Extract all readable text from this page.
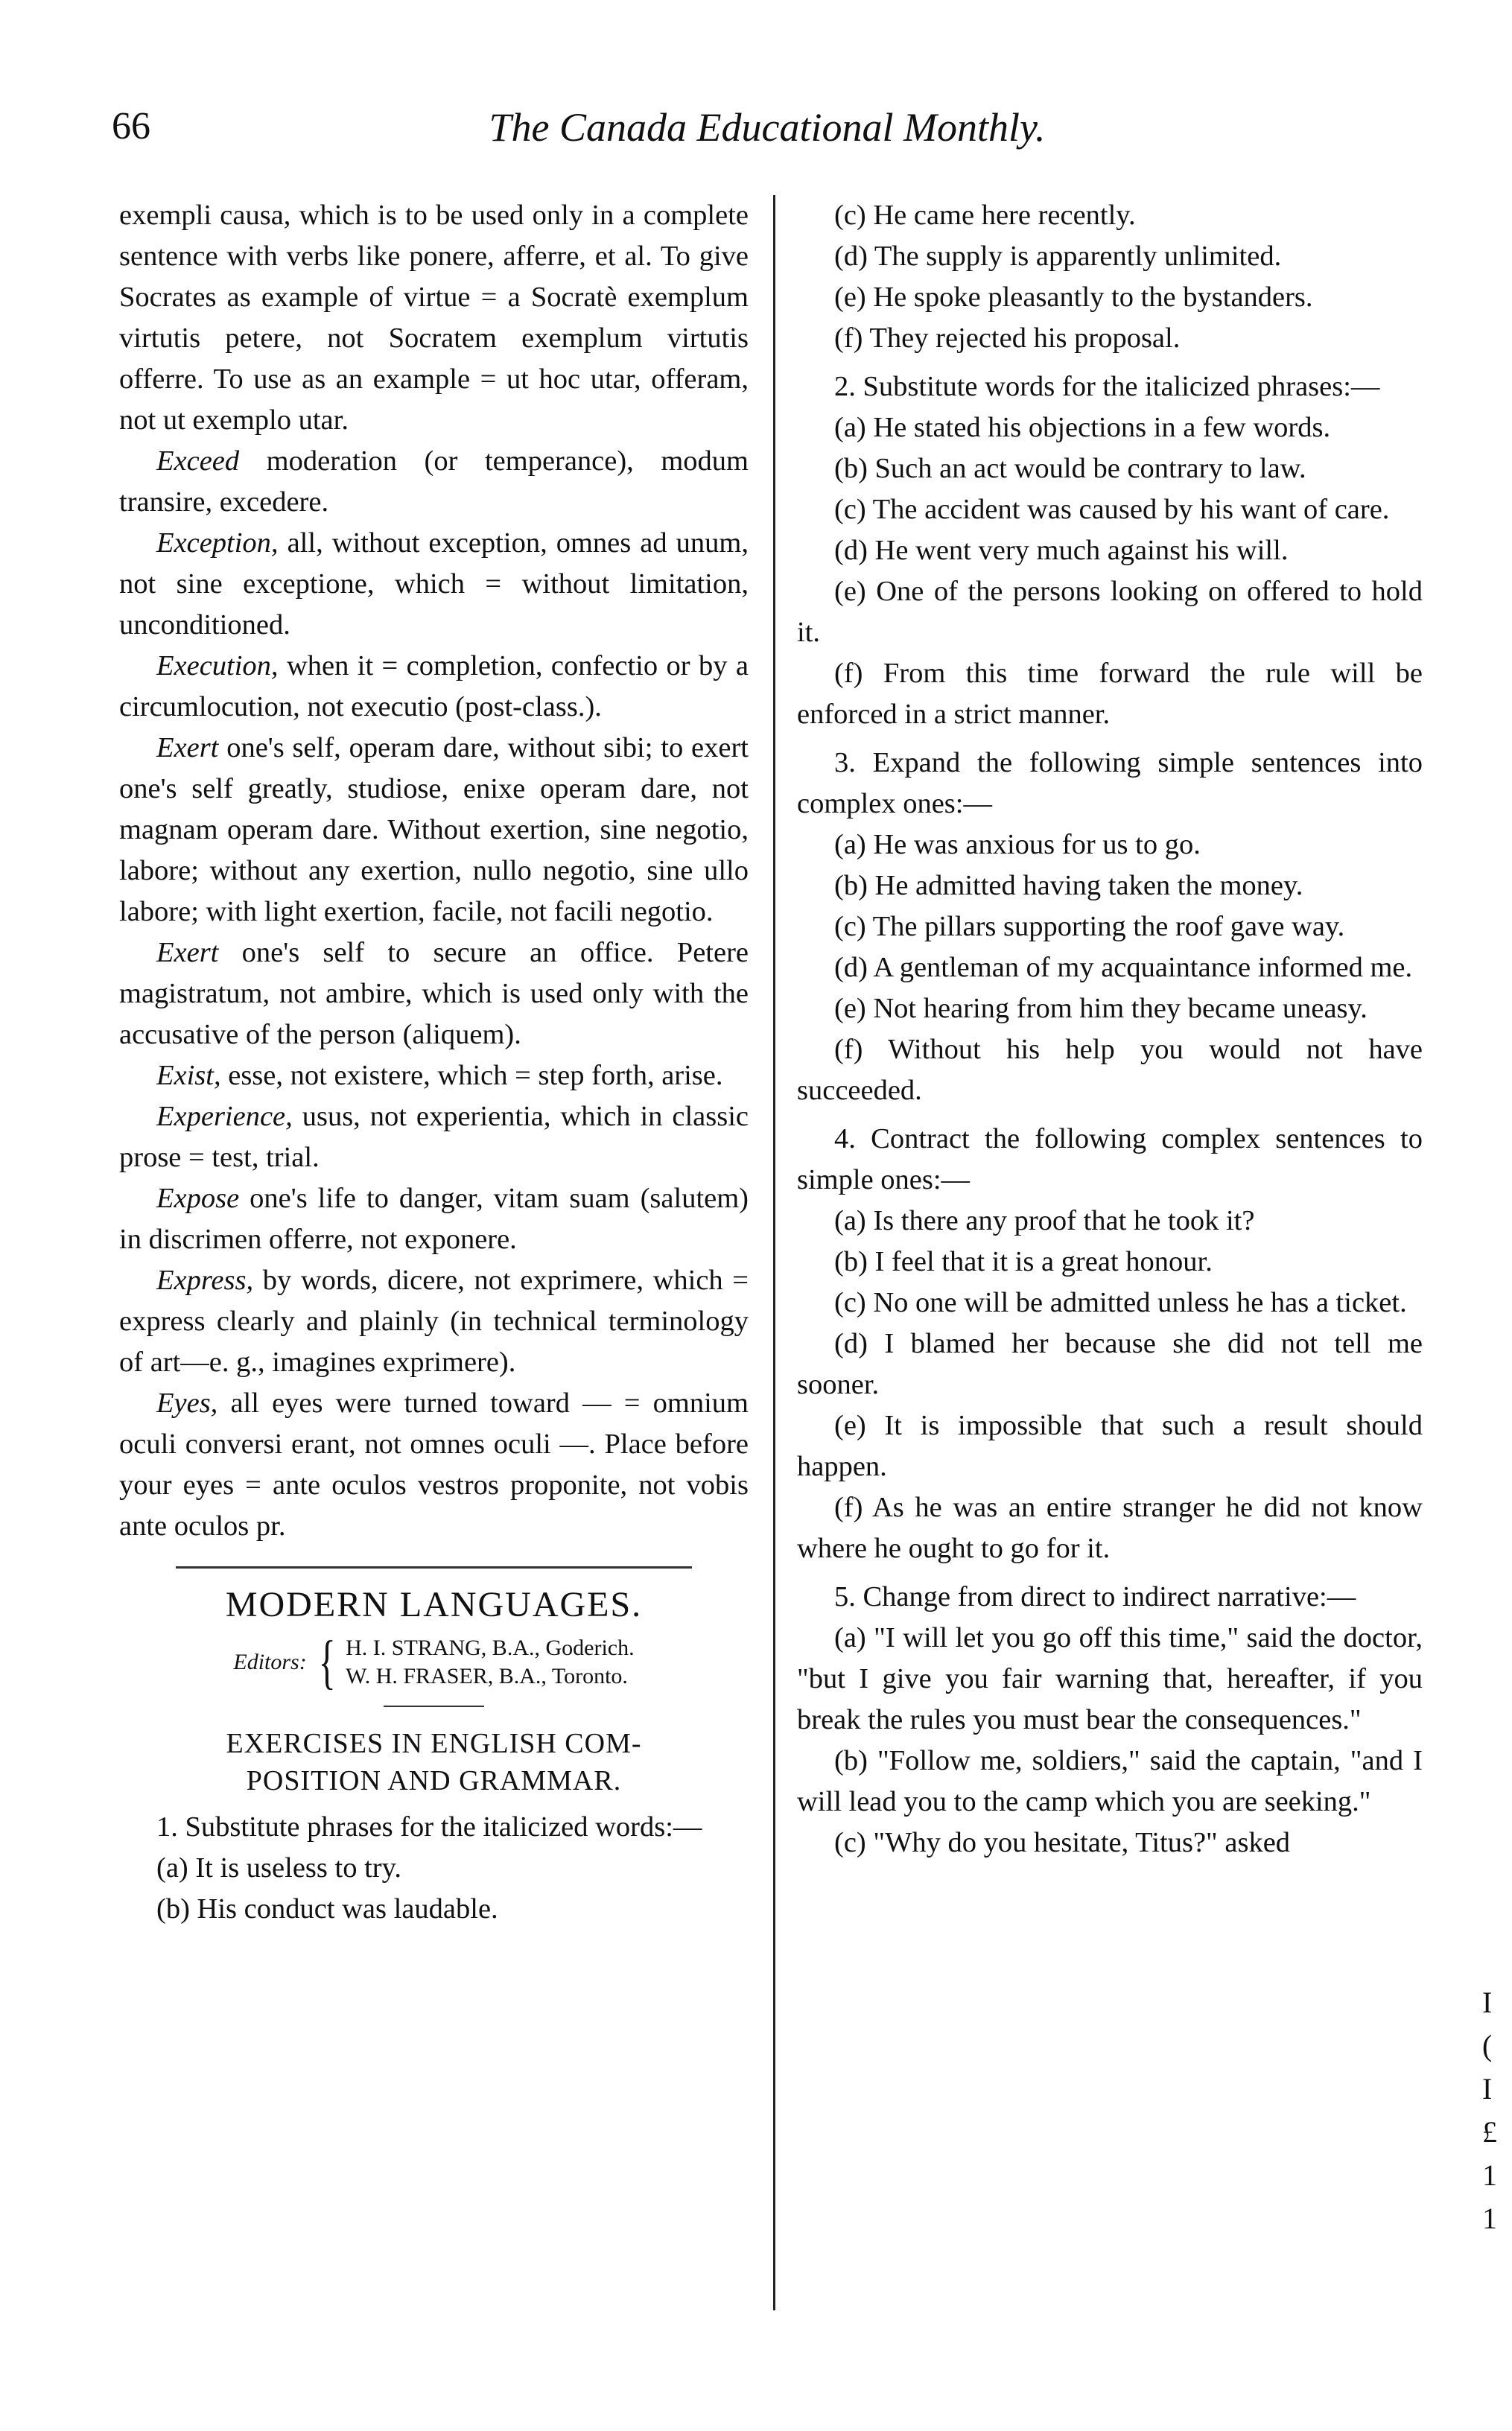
66	The Canada Educational Monthly.

exempli causa, which is to be used only in a complete sentence with verbs like ponere, afferre, et al. To give Socrates as example of virtue = a Socratè exemplum virtutis petere, not Socratem exemplum virtutis offerre. To use as an example = ut hoc utar, offeram, not ut exemplo utar.

Exceed moderation (or temperance), modum transire, excedere.

Exception, all, without exception, omnes ad unum, not sine exceptione, which = without limitation, unconditioned.

Execution, when it = completion, confectio or by a circumlocution, not executio (post-class.).

Exert one's self, operam dare, without sibi; to exert one's self greatly, studiose, enixe operam dare, not magnam operam dare. Without exertion, sine negotio, labore; without any exertion, nullo negotio, sine ullo labore; with light exertion, facile, not facili negotio.

Exert one's self to secure an office. Petere magistratum, not ambire, which is used only with the accusative of the person (aliquem).

Exist, esse, not existere, which = step forth, arise.

Experience, usus, not experientia, which in classic prose = test, trial.

Expose one's life to danger, vitam suam (salutem) in discrimen offerre, not exponere.

Express, by words, dicere, not exprimere, which = express clearly and plainly (in technical terminology of art—e. g., imagines exprimere).

Eyes, all eyes were turned toward — = omnium oculi conversi erant, not omnes oculi —. Place before your eyes = ante oculos vestros proponite, not vobis ante oculos pr.

MODERN LANGUAGES.
Editors: { H. I. STRANG, B.A., Goderich.
W. H. FRASER, B.A., Toronto.
EXERCISES IN ENGLISH COM-
POSITION AND GRAMMAR.

1. Substitute phrases for the italicized words:—

(a) It is useless to try.

(b) His conduct was laudable.

(c) He came here recently.

(d) The supply is apparently unlimited.

(e) He spoke pleasantly to the bystanders.

(f) They rejected his proposal.

2. Substitute words for the italicized phrases:—

(a) He stated his objections in a few words.

(b) Such an act would be contrary to law.

(c) The accident was caused by his want of care.

(d) He went very much against his will.

(e) One of the persons looking on offered to hold it.

(f) From this time forward the rule will be enforced in a strict manner.

3. Expand the following simple sentences into complex ones:—

(a) He was anxious for us to go.

(b) He admitted having taken the money.

(c) The pillars supporting the roof gave way.

(d) A gentleman of my acquaintance informed me.

(e) Not hearing from him they became uneasy.

(f) Without his help you would not have succeeded.

4. Contract the following complex sentences to simple ones:—

(a) Is there any proof that he took it?

(b) I feel that it is a great honour.

(c) No one will be admitted unless he has a ticket.

(d) I blamed her because she did not tell me sooner.

(e) It is impossible that such a result should happen.

(f) As he was an entire stranger he did not know where he ought to go for it.

5. Change from direct to indirect narrative:—

(a) "I will let you go off this time," said the doctor, "but I give you fair warning that, hereafter, if you break the rules you must bear the consequences."

(b) "Follow me, soldiers," said the captain, "and I will lead you to the camp which you are seeking."

(c) "Why do you hesitate, Titus?" asked

I
(
I
£
1
1
